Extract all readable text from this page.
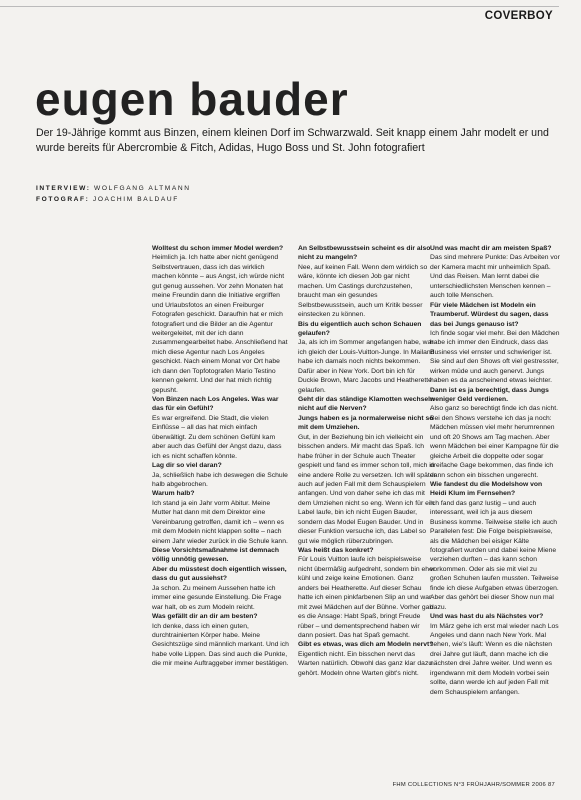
COVERBOY
eugen bauder

Der 19-Jährige kommt aus Binzen, einem kleinen Dorf im Schwarzwald. Seit knapp einem Jahr modelt er und wurde bereits für Abercrombie & Fitch, Adidas, Hugo Boss und St. John fotografiert

INTERVIEW: WOLFGANG ALTMANN
FOTOGRAF: JOACHIM BALDAUF

Wolltest du schon immer Model werden?

Heimlich ja. Ich hatte aber nicht genügend Selbstvertrauen, dass ich das wirklich machen könnte – aus Angst, ich würde nicht gut genug aussehen. Vor zehn Monaten hat meine Freundin dann die Initiative ergriffen und Urlaubsfotos an einen Freiburger Fotografen geschickt. Daraufhin hat er mich fotografiert und die Bilder an die Agentur weitergeleitet, mit der ich dann zusammengearbeitet habe. Anschließend hat mich diese Agentur nach Los Angeles geschickt. Nach einem Monat vor Ort habe ich dann den Topfotografen Mario Testino kennen gelernt. Und der hat mich richtig gepusht.

Von Binzen nach Los Angeles. Was war das für ein Gefühl?

Es war ergreifend. Die Stadt, die vielen Einflüsse – all das hat mich einfach überwältigt. Zu dem schönen Gefühl kam aber auch das Gefühl der Angst dazu, dass ich es nicht schaffen könnte.

Lag dir so viel daran?

Ja, schließlich habe ich deswegen die Schule halb abgebrochen.

Warum halb?

Ich stand ja ein Jahr vorm Abitur. Meine Mutter hat dann mit dem Direktor eine Vereinbarung getroffen, damit ich – wenn es mit dem Modeln nicht klappen sollte – nach einem Jahr wieder zurück in die Schule kann.

Diese Vorsichtsmaßnahme ist demnach völlig unnötig gewesen.

Aber du müsstest doch eigentlich wissen, dass du gut aussiehst?

Ja schon. Zu meinem Aussehen hatte ich immer eine gesunde Einstellung. Die Frage war halt, ob es zum Modeln reicht.

Was gefällt dir an dir am besten?

Ich denke, dass ich einen guten, durchtrainierten Körper habe. Meine Gesichtszüge sind männlich markant. Und ich habe volle Lippen. Das sind auch die Punkte, die mir meine Auftraggeber immer bestätigen.

An Selbstbewusstsein scheint es dir also nicht zu mangeln?

Nee, auf keinen Fall. Wenn dem wirklich so wäre, könnte ich diesen Job gar nicht machen. Um Castings durchzustehen, braucht man ein gesundes Selbstbewusstsein, auch um Kritik besser einstecken zu können.

Bis du eigentlich auch schon Schauen gelaufen?

Ja, als ich im Sommer angefangen habe, war ich gleich der Louis-Vuitton-Junge. In Mailand habe ich damals noch nichts bekommen. Dafür aber in New York. Dort bin ich für Duckie Brown, Marc Jacobs und Heatherette gelaufen.

Geht dir das ständige Klamotten wechseln nicht auf die Nerven?

Jungs haben es ja normalerweise nicht so mit dem Umziehen.

Gut, in der Beziehung bin ich vielleicht ein bisschen anders. Mir macht das Spaß. Ich habe früher in der Schule auch Theater gespielt und fand es immer schon toll, mich in eine andere Rolle zu versetzen. Ich will später auch auf jeden Fall mit dem Schauspielern anfangen. Und von daher sehe ich das mit dem Umziehen nicht so eng. Wenn ich für ein Label laufe, bin ich nicht Eugen Bauder, sondern das Model Eugen Bauder. Und in dieser Funktion versuche ich, das Label so gut wie möglich rüberzubringen.

Was heißt das konkret?

Für Louis Vuitton laufe ich beispielsweise nicht übermäßig aufgedreht, sondern bin eher kühl und zeige keine Emotionen. Ganz anders bei Heatherette. Auf dieser Schau hatte ich einen pinkfarbenen Slip an und war mit zwei Mädchen auf der Bühne. Vorher gab es die Ansage: Habt Spaß, bringt Freude rüber – und dementsprechend haben wir dann posiert. Das hat Spaß gemacht.

Gibt es etwas, was dich am Modeln nervt?

Eigentlich nicht. Ein bisschen nervt das Warten natürlich. Obwohl das ganz klar dazu gehört. Modeln ohne Warten gibt's nicht.

Und was macht dir am meisten Spaß?

Das sind mehrere Punkte: Das Arbeiten vor der Kamera macht mir unheimlich Spaß. Und das Reisen. Man lernt dabei die unterschiedlichsten Menschen kennen – auch tolle Menschen.

Für viele Mädchen ist Modeln ein Traumberuf. Würdest du sagen, dass das bei Jungs genauso ist?

Ich finde sogar viel mehr. Bei den Mädchen habe ich immer den Eindruck, dass das Business viel ernster und schwieriger ist. Sie sind auf den Shows oft viel gestresster, wirken müde und auch genervt. Jungs haben es da anscheinend etwas leichter.

Dann ist es ja berechtigt, dass Jungs weniger Geld verdienen.

Also ganz so berechtigt finde ich das nicht. Bei den Shows verstehe ich das ja noch: Mädchen müssen viel mehr herumrennen und oft 20 Shows am Tag machen. Aber wenn Mädchen bei einer Kampagne für die gleiche Arbeit die doppelte oder sogar dreifache Gage bekommen, das finde ich dann schon ein bisschen ungerecht.

Wie fandest du die Modelshow von Heidi Klum im Fernsehen?

Ich fand das ganz lustig – und auch interessant, weil ich ja aus diesem Business komme. Teilweise stelle ich auch Parallelen fest: Die Folge beispielsweise, als die Mädchen bei eisiger Kälte fotografiert wurden und dabei keine Miene verziehen durften – das kann schon vorkommen. Oder als sie mit viel zu großen Schuhen laufen mussten. Teilweise finde ich diese Aufgaben etwas überzogen. Aber das gehört bei dieser Show nun mal dazu.

Und was hast du als Nächstes vor?

Im März gehe ich erst mal wieder nach Los Angeles und dann nach New York. Mal sehen, wie's läuft: Wenn es die nächsten drei Jahre gut läuft, dann mache ich die nächsten drei Jahre weiter. Und wenn es irgendwann mit dem Modeln vorbei sein sollte, dann werde ich auf jeden Fall mit dem Schauspielern anfangen.

FHM COLLECTIONS N°3 FRÜHJAHR/SOMMER 2006 87
